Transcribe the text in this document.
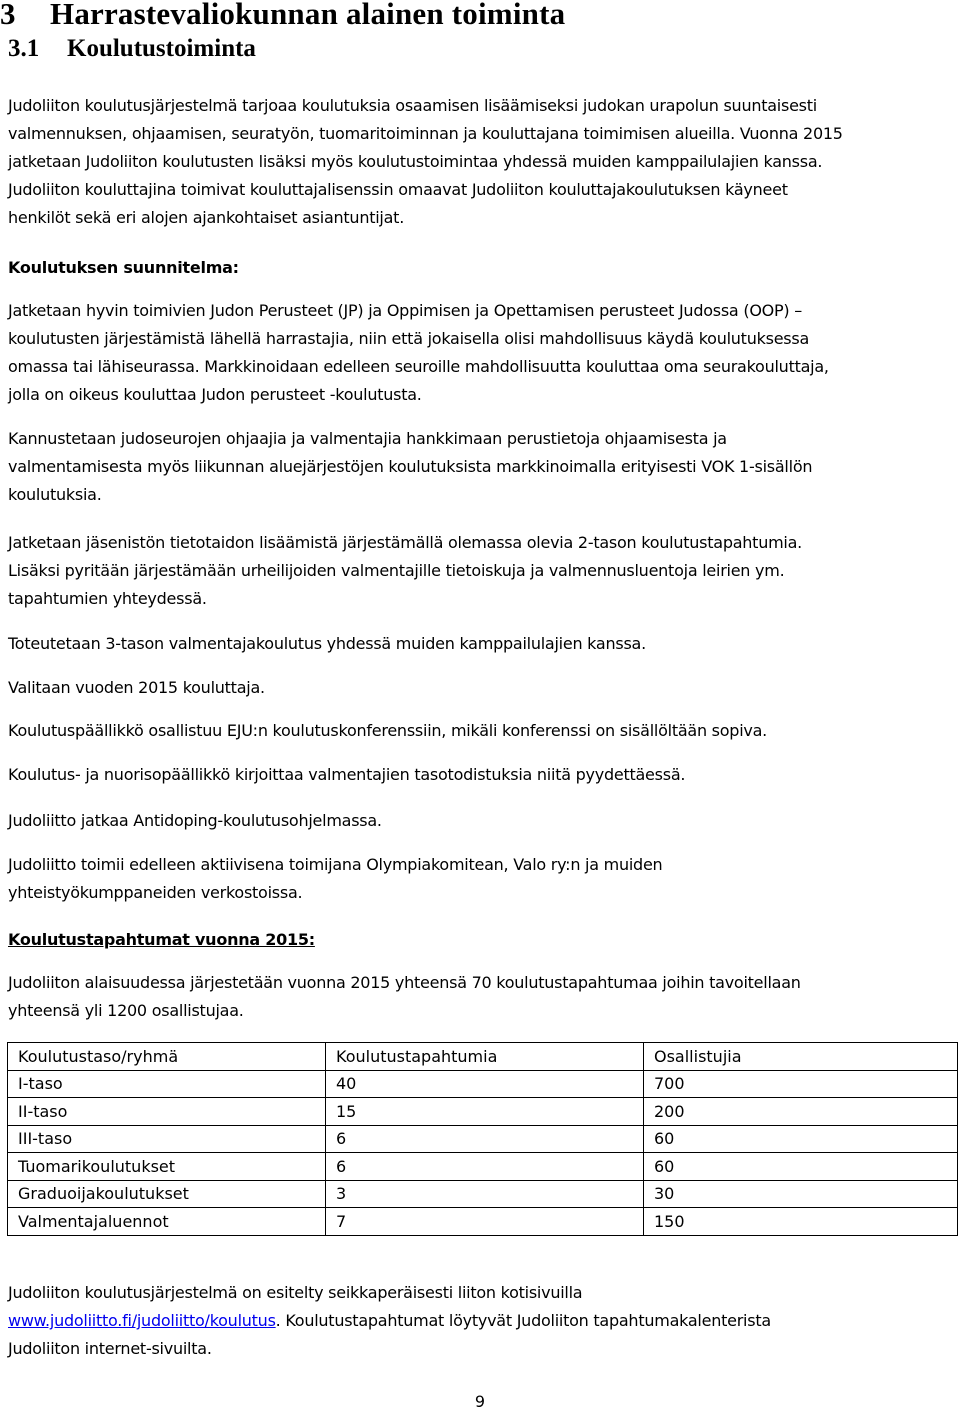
3 Harrastevaliokunnan alainen toiminta
3.1 Koulutustoiminta
Judoliiton koulutusjärjestelmä tarjoaa koulutuksia osaamisen lisäämiseksi judokan urapolun suuntaisesti
valmennuksen, ohjaamisen, seuratyön, tuomaritoiminnan ja kouluttajana toimimisen alueilla. Vuonna 2015
jatketaan Judoliiton koulutusten lisäksi myös koulutustoimintaa yhdessä muiden kamppailulajien kanssa.
Judoliiton kouluttajina toimivat kouluttajalisenssin omaavat Judoliiton kouluttajakoulutuksen käyneet
henkilöt sekä eri alojen ajankohtaiset asiantuntijat.
Koulutuksen suunnitelma:
Jatketaan hyvin toimivien Judon Perusteet (JP) ja Oppimisen ja Opettamisen perusteet Judossa (OOP) –
koulutusten järjestämistä lähellä harrastajia, niin että jokaisella olisi mahdollisuus käydä koulutuksessa
omassa tai lähiseurassa. Markkinoidaan edelleen seuroille mahdollisuutta kouluttaa oma seurakouluttaja,
jolla on oikeus kouluttaa Judon perusteet -koulutusta.
Kannustetaan judoseurojen ohjaajia ja valmentajia hankkimaan perustietoja ohjaamisesta ja
valmentamisesta myös liikunnan aluejärjestöjen koulutuksista markkinoimalla erityisesti VOK 1-sisällön
koulutuksia.
Jatketaan jäsenistön tietotaidon lisäämistä järjestämällä olemassa olevia 2-tason koulutustapahtumia.
Lisäksi pyritään järjestämään urheilijoiden valmentajille tietoiskuja ja valmennusluentoja leirien ym.
tapahtumien yhteydessä.
Toteutetaan 3-tason valmentajakoulutus yhdessä muiden kamppailulajien kanssa.
Valitaan vuoden 2015 kouluttaja.
Koulutuspäällikkö osallistuu EJU:n koulutuskonferenssiin, mikäli konferenssi on sisällöltään sopiva.
Koulutus- ja nuorisopäällikkö kirjoittaa valmentajien tasotodistuksia niitä pyydettäessä.
Judoliitto jatkaa Antidoping-koulutusohjelmassa.
Judoliitto toimii edelleen aktiivisena toimijana Olympiakomitean, Valo ry:n ja muiden
yhteistyökumppaneiden verkostoissa.
Koulutustapahtumat vuonna 2015:
Judoliiton alaisuudessa järjestetään vuonna 2015 yhteensä 70 koulutustapahtumaa joihin tavoitellaan
yhteensä yli 1200 osallistujaa.
Koulutustaso/ryhmä	Koulutustapahtumia	Osallistujia
I-taso	40	700
II-taso	15	200
III-taso	6	60
Tuomarikoulutukset	6	60
Graduoijakoulutukset	3	30
Valmentajaluennot	7	150
Judoliiton koulutusjärjestelmä on esitelty seikkaperäisesti liiton kotisivuilla
www.judoliitto.fi/judoliitto/koulutus. Koulutustapahtumat löytyvät Judoliiton tapahtumakalenterista
Judoliiton internet-sivuilta.
9
